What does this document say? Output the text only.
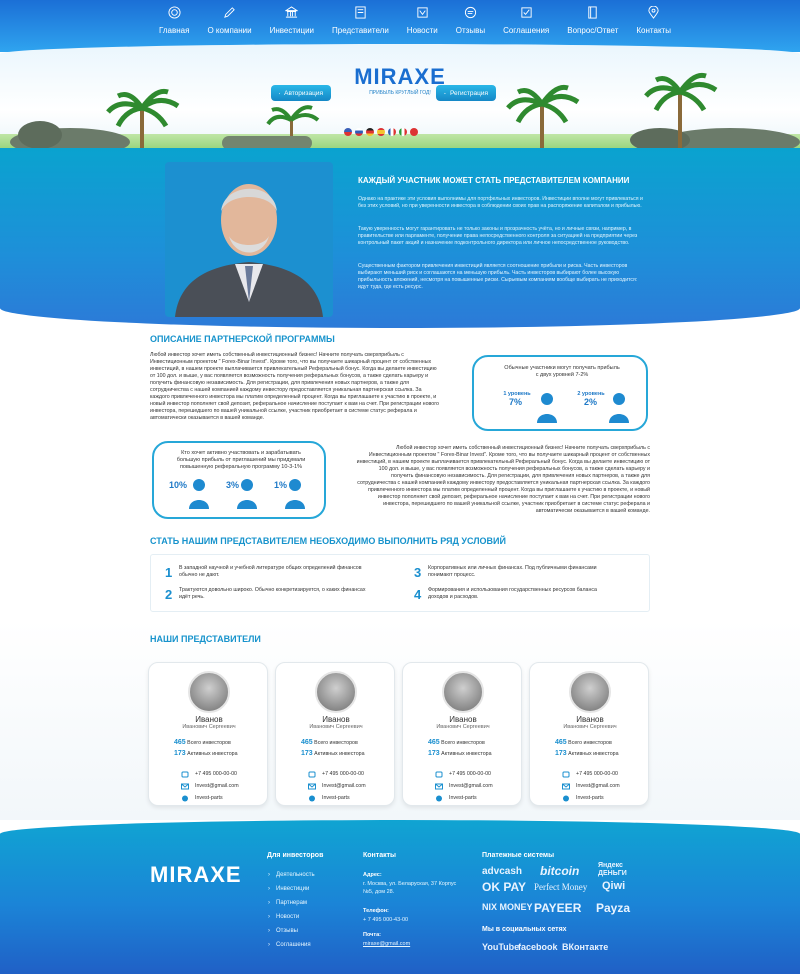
Главная О компании Инвестиции Представители Новости Отзывы Соглашения Вопрос/Ответ Контакты
Авторизация	Регистрация
MIRAXE
ПРИБЫЛЬ КРУГЛЫЙ ГОД!
КАЖДЫЙ УЧАСТНИК МОЖЕТ СТАТЬ ПРЕДСТАВИТЕЛЕМ КОМПАНИИ
Однако на практике эти условия выполнимы для портфельных инвесторов. Инвестиции вполне могут привлекаться и без этих условий, но при уверенности инвестора в соблюдении своих прав на распоряжение капиталом и прибылью.
Такую уверенность могут гарантировать не только законы и прозрачность учёта, но и личные связи, например, в правительстве или парламенте, получение права непосредственного контроля за ситуацией на предприятии через контрольный пакет акций и назначение подконтрольного директора или личное непосредственное руководство.
Существенным фактором привлечения инвестиций является соотношение прибыли и риска. Часть инвесторов выбирают меньший риск и соглашаются на меньшую прибыль. Часть инвесторов выбирают более высокую прибыльность вложений, несмотря на повышенные риски. Сырьевым компаниям вообще выбирать не приходится: идут туда, где есть ресурс.
ОПИСАНИЕ ПАРТНЕРСКОЙ ПРОГРАММЫ
Любой инвестор хочет иметь собственный инвестиционный бизнес! Начните получать сверхприбыль с Инвестиционным проектом " Forex-Binar Invest". Кроме того, что вы получаете шикарный процент от собственных инвестиций, в нашем проекте выплачивается привлекательный Реферальный бонус. Когда вы делаете инвестицию от 100 дол. и выше, у вас появляется возможность получения реферальных бонусов, а также сделать карьеру и получить финансовую независимость. Для регистрации, для привлечения новых партнеров, а также для сотрудничества с нашей компанией каждому инвестору предоставляется уникальная партнерская ссылка. За каждого привлеченного инвестора мы платим определенный процент. Когда вы приглашаете к участию в проекте, и новый инвестор пополняет свой депозит, реферальное начисление поступает к вам на счет. При регистрации нового инвестора, перешедшего по вашей уникальной ссылке, участник приобретает в системе статус реферала и автоматически оказывается в вашей команде.
Обычные участники могут получать прибыль с двух уровней 7-2%
1 уровень
7%
2 уровень
2%
Кто хочет активно участвовать и зарабатывать большую прибыль от приглашений мы придумали повышенную реферальную программу 10-3-1%
10%	3%	1%
Любой инвестор хочет иметь собственный инвестиционный бизнес! Начните получать сверхприбыль с Инвестиционным проектом " Forex-Binar Invest". Кроме того, что вы получаете шикарный процент от собственных инвестиций, в нашем проекте выплачивается привлекательный Реферальный бонус. Когда вы делаете инвестицию от 100 дол. и выше, у вас появляется возможность получения реферальных бонусов, а также сделать карьеру и получить финансовую независимость. Для регистрации, для привлечения новых партнеров, а также для сотрудничества с нашей компанией каждому инвестору предоставляется уникальная партнерская ссылка. За каждого привлеченного инвестора мы платим определенный процент. Когда вы приглашаете к участию в проекте, и новый инвестор пополняет свой депозит, реферальное начисление поступает к вам на счет. При регистрации нового инвестора, перешедшего по вашей уникальной ссылке, участник приобретает в системе статус реферала и автоматически оказывается в вашей команде.
СТАТЬ НАШИМ ПРЕДСТАВИТЕЛЕМ НЕОБХОДИМО ВЫПОЛНИТЬ РЯД УСЛОВИЙ
1 В западной научной и учебной литературе общих определений финансов обычно не дают.
2 Трактуются довольно широко. Обычно конкретизируется, о каких финансах идёт речь.
3 Корпоративных или личных финансах. Под публичными финансами понимают процесс.
4 Формирования и использования государственных ресурсов баланса доходов и расходов.
НАШИ ПРЕДСТАВИТЕЛИ
Иванов
Иванович Сергеевич
465 Всего инвесторов
173 Активных инвестора
+7 495 000-00-00
Invest@gmail.com
Invest-parts
Иванов
Иванович Сергеевич
465 Всего инвесторов
173 Активных инвестора
+7 495 000-00-00
Invest@gmail.com
Invest-parts
Иванов
Иванович Сергеевич
465 Всего инвесторов
173 Активных инвестора
+7 495 000-00-00
Invest@gmail.com
Invest-parts
Иванов
Иванович Сергеевич
465 Всего инвесторов
173 Активных инвестора
+7 495 000-00-00
Invest@gmail.com
Invest-parts
MIRAXE
Для инвесторов
› Деятельность
› Инвестиции
› Партнерам
› Новости
› Отзывы
› Соглашения
Контакты
Адрес:
г. Москва, ул. Беларуская, 37 Корпус №5, дом 28.
Телефон:
+ 7 495 000-43-00
Почта:
miraxe@gmail.com
Платежные системы
advcash bitcoin	Яндекс ДЕНЬГИ
OK PAY Perfect Money Qiwi
NIX MONEY PAYEER Payza
Мы в социальных сетях
YouTube
facebook ВКонтакте
